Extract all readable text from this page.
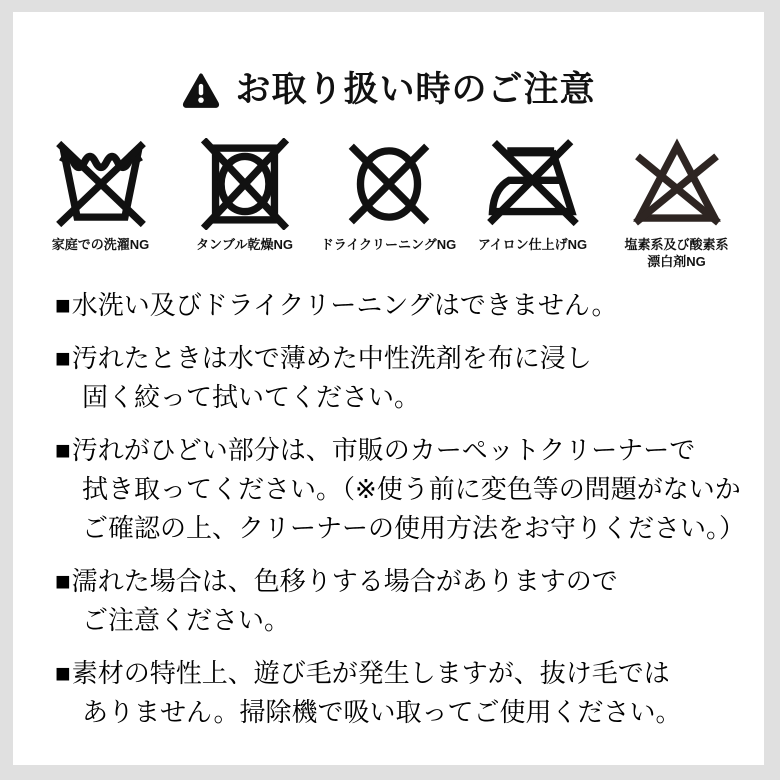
お取り扱い時のご注意
家庭での洗濯NG	タンブル乾燥NG ドライクリーニングNG アイロン仕上げNG	塩素系及び酸素系
漂白剤NG
■水洗い及びドライクリーニングはできません。
■汚れたときは水で薄めた中性洗剤を布に浸し
固く絞って拭いてください。
■汚れがひどい部分は、市販のカーペットクリーナーで
拭き取ってください。（※使う前に変色等の問題がないか
ご確認の上、クリーナーの使用方法をお守りください。）
■濡れた場合は、色移りする場合がありますので
ご注意ください。
■素材の特性上、遊び毛が発生しますが、抜け毛では
ありません。掃除機で吸い取ってご使用ください。
